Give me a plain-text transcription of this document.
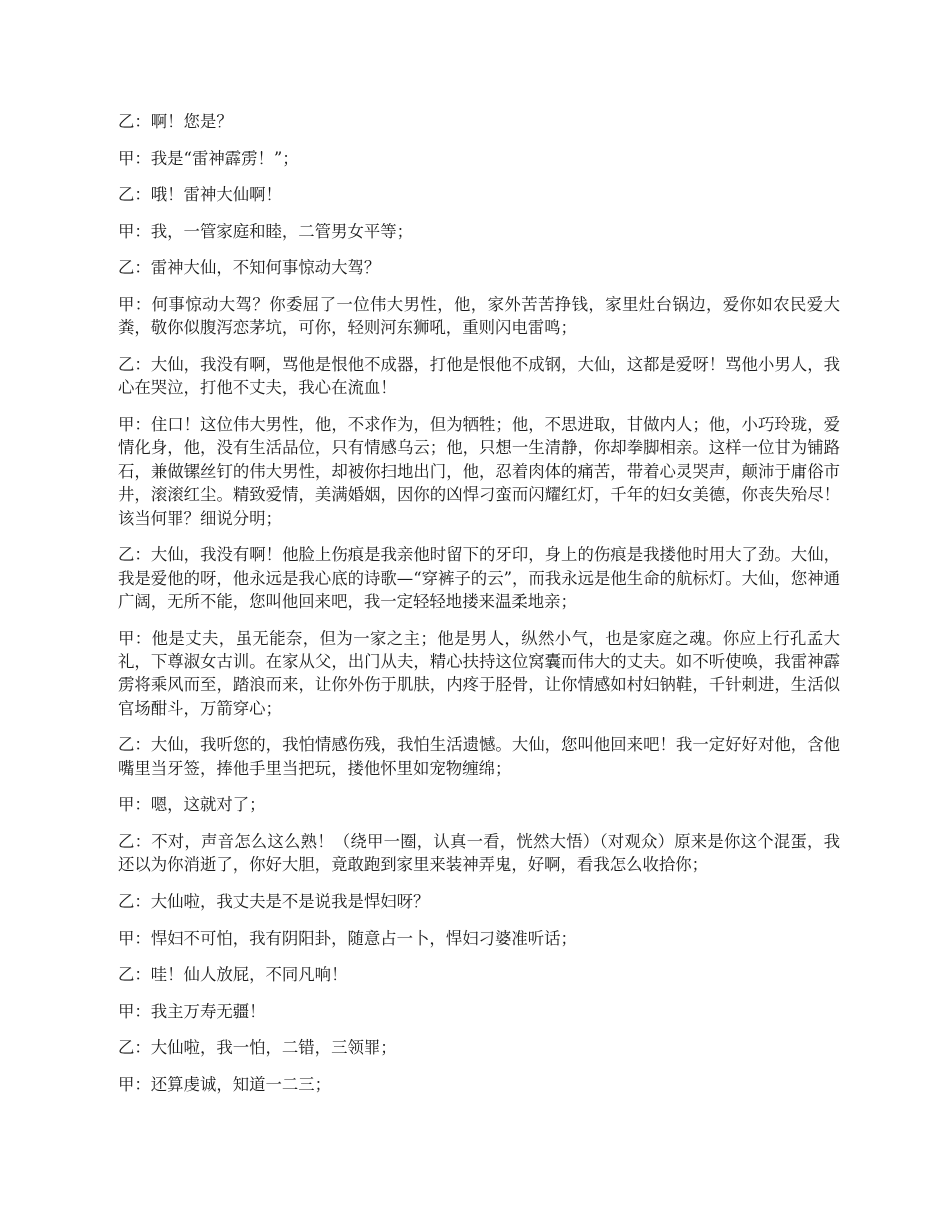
乙：啊！您是？

甲：我是“雷神霹雳！”；

乙：哦！雷神大仙啊！

甲：我，一管家庭和睦，二管男女平等；

乙：雷神大仙，不知何事惊动大驾？

甲：何事惊动大驾？你委屈了一位伟大男性，他，家外苦苦挣钱，家里灶台锅边，爱你如农民爱大粪，敬你似腹泻恋茅坑，可你，轻则河东狮吼，重则闪电雷鸣；

乙：大仙，我没有啊，骂他是恨他不成器，打他是恨他不成钢，大仙，这都是爱呀！骂他小男人，我心在哭泣，打他不丈夫，我心在流血！

甲：住口！这位伟大男性，他，不求作为，但为牺牲；他，不思进取，甘做内人；他，小巧玲珑，爱情化身，他，没有生活品位，只有情感乌云；他，只想一生清静，你却拳脚相亲。这样一位甘为铺路石，兼做镙丝钉的伟大男性，却被你扫地出门，他，忍着肉体的痛苦，带着心灵哭声，颠沛于庸俗市井，滚滚红尘。精致爱情，美满婚姻，因你的凶悍刁蛮而闪耀红灯，千年的妇女美德，你丧失殆尽！该当何罪？细说分明；

乙：大仙，我没有啊！他脸上伤痕是我亲他时留下的牙印，身上的伤痕是我搂他时用大了劲。大仙，我是爱他的呀，他永远是我心底的诗歌—“穿裤子的云”，而我永远是他生命的航标灯。大仙，您神通广阔，无所不能，您叫他回来吧，我一定轻轻地搂来温柔地亲；

甲：他是丈夫，虽无能奈，但为一家之主；他是男人，纵然小气，也是家庭之魂。你应上行孔孟大礼，下尊淑女古训。在家从父，出门从夫，精心扶持这位窝囊而伟大的丈夫。如不听使唤，我雷神霹雳将乘风而至，踏浪而来，让你外伤于肌肤，内疼于胫骨，让你情感如村妇钠鞋，千针刺进，生活似官场酣斗，万箭穿心；

乙：大仙，我听您的，我怕情感伤残，我怕生活遗憾。大仙，您叫他回来吧！我一定好好对他，含他嘴里当牙签，捧他手里当把玩，搂他怀里如宠物缠绵；

甲：嗯，这就对了；

乙：不对，声音怎么这么熟！（绕甲一圈，认真一看，恍然大悟）（对观众）原来是你这个混蛋，我还以为你消逝了，你好大胆，竟敢跑到家里来装神弄鬼，好啊，看我怎么收拾你；

乙：大仙啦，我丈夫是不是说我是悍妇呀？

甲：悍妇不可怕，我有阴阳卦，随意占一卜，悍妇刁婆准听话；

乙：哇！仙人放屁，不同凡响！

甲：我主万寿无疆！

乙：大仙啦，我一怕，二错，三领罪；

甲：还算虔诚，知道一二三；
